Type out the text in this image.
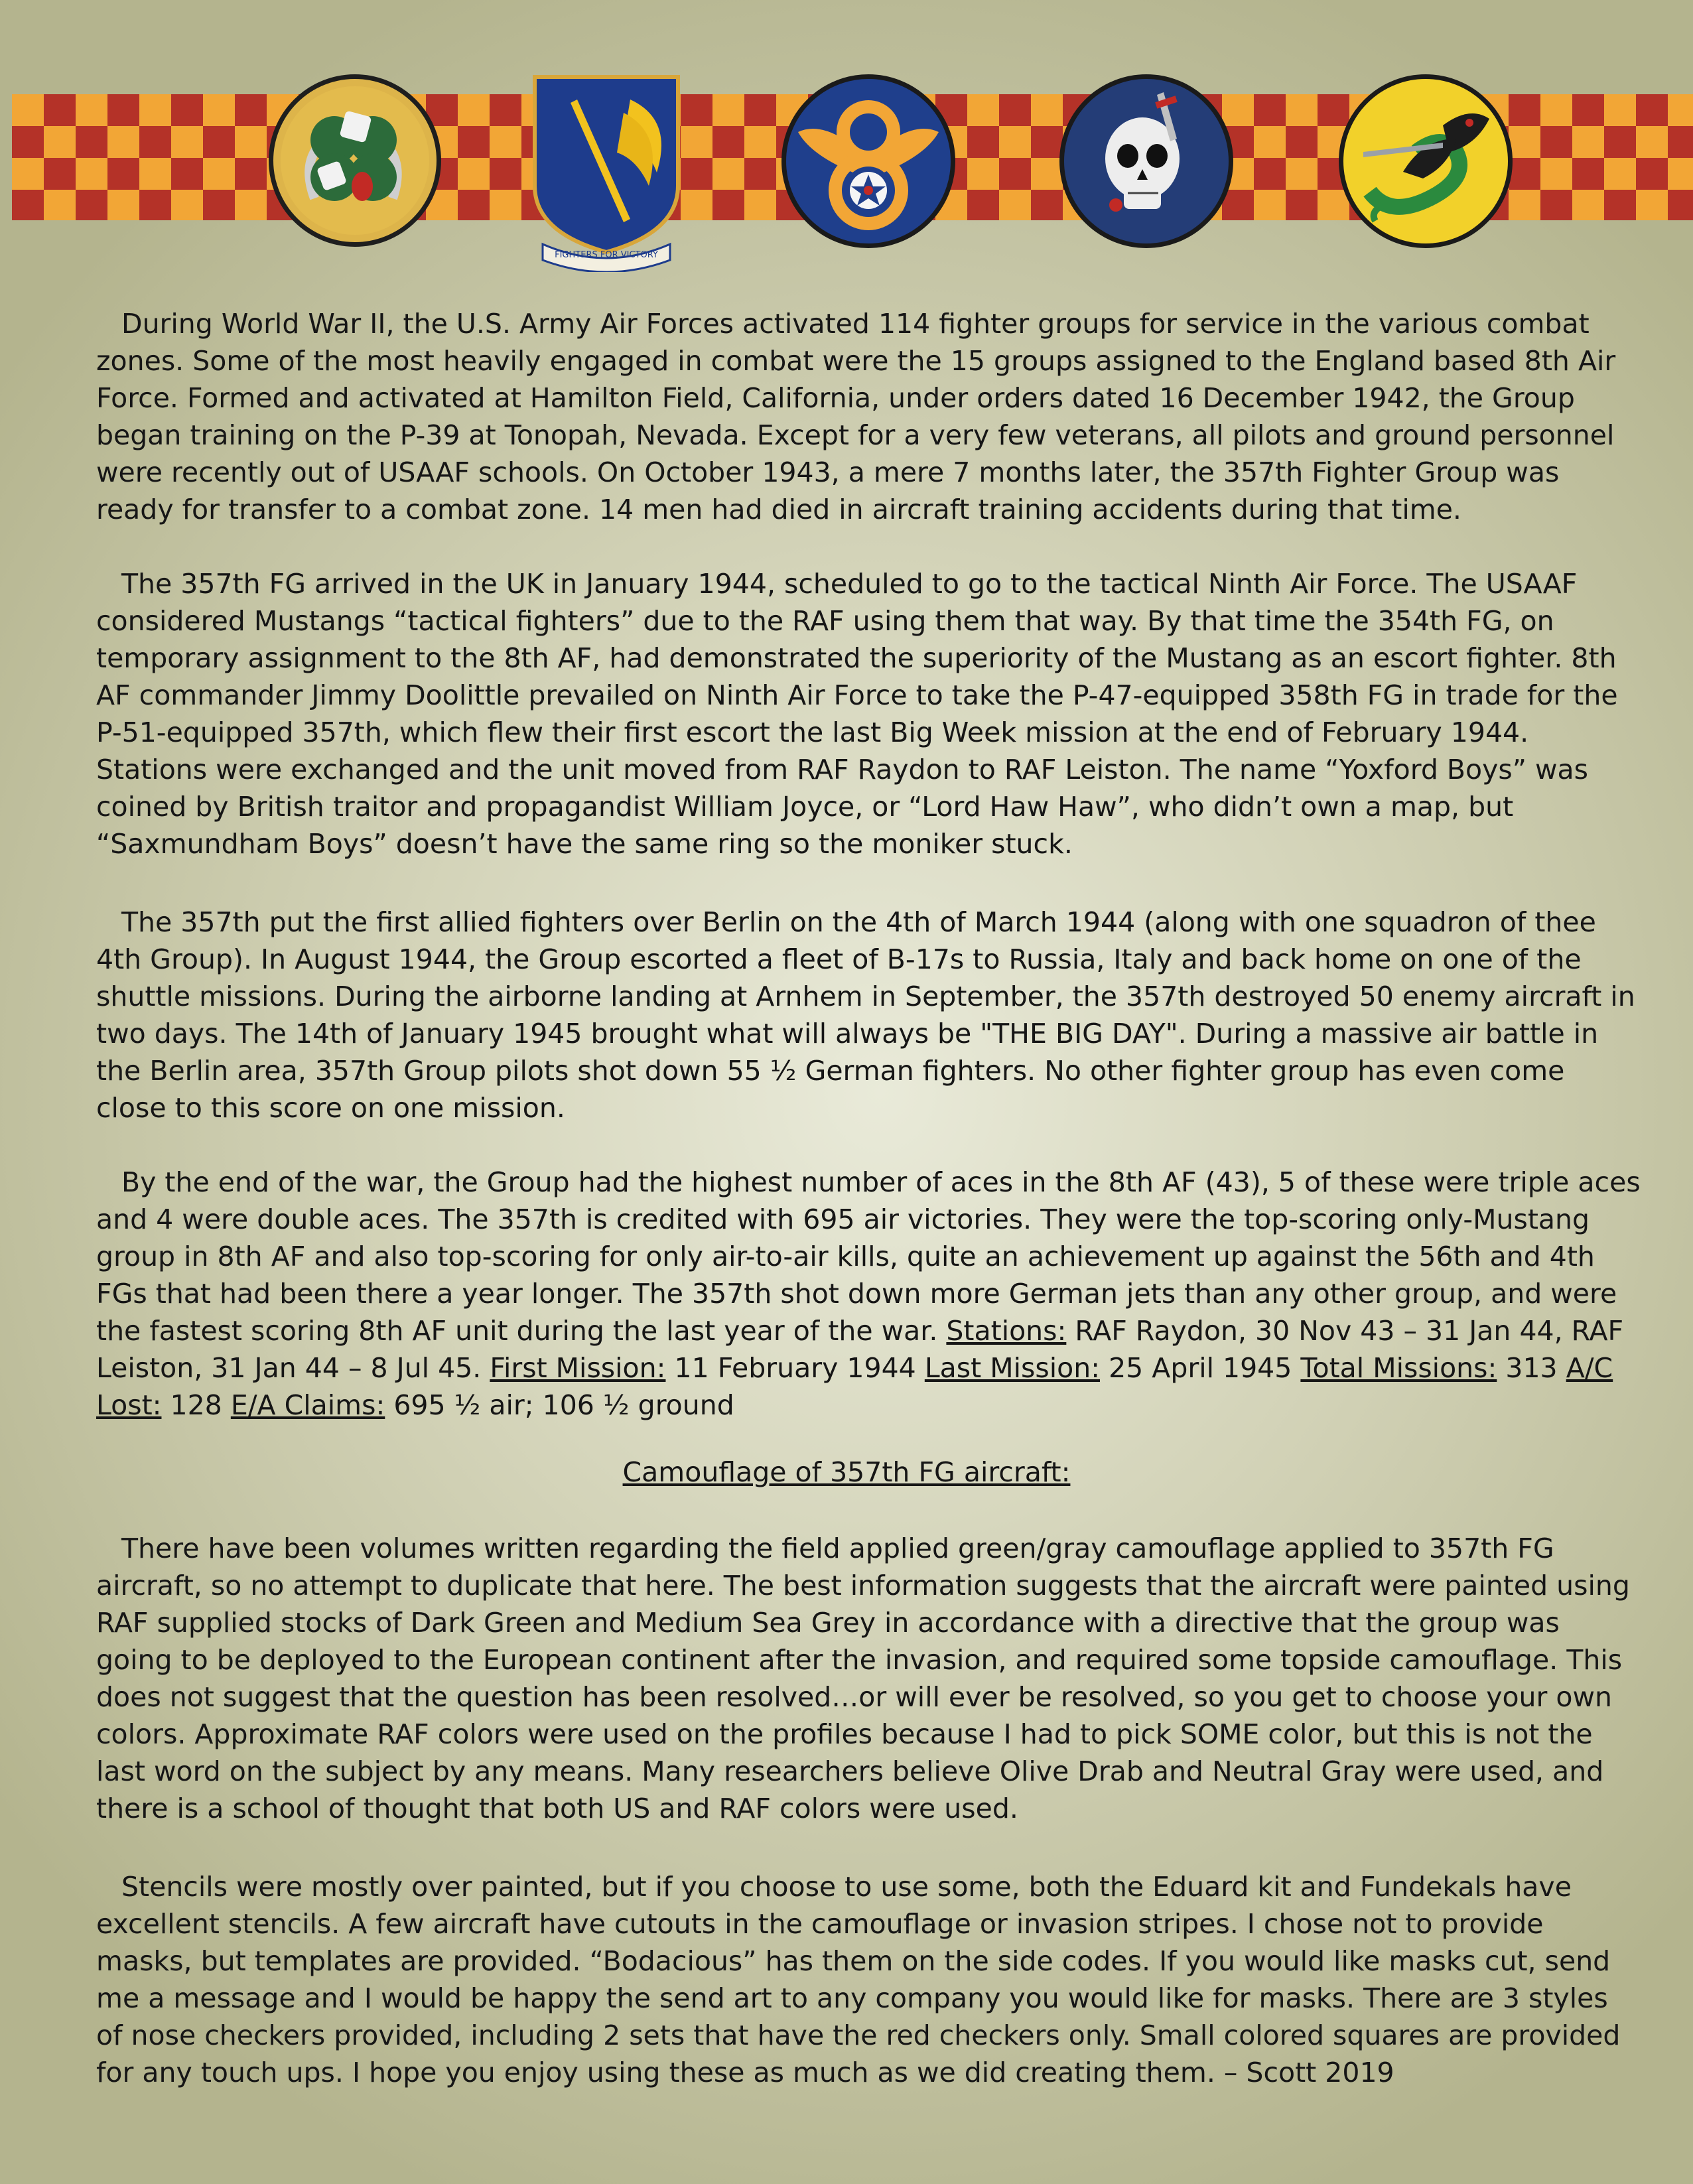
FIGHTERS FOR VICTORY

During World War II, the U.S. Army Air Forces activated 114 fighter groups for service in the various combat zones. Some of the most heavily engaged in combat were the 15 groups assigned to the England based 8th Air Force. Formed and activated at Hamilton Field, California, under orders dated 16 December 1942, the Group began training on the P-39 at Tonopah, Nevada. Except for a very few veterans, all pilots and ground personnel were recently out of USAAF schools. On October 1943, a mere 7 months later, the 357th Fighter Group was ready for transfer to a combat zone. 14 men had died in aircraft training accidents during that time.

The 357th FG arrived in the UK in January 1944, scheduled to go to the tactical Ninth Air Force. The USAAF considered Mustangs “tactical fighters” due to the RAF using them that way. By that time the 354th FG, on temporary assignment to the 8th AF, had demonstrated the superiority of the Mustang as an escort fighter. 8th AF commander Jimmy Doolittle prevailed on Ninth Air Force to take the P-47-equipped 358th FG in trade for the P-51-equipped 357th, which flew their first escort the last Big Week mission at the end of February 1944. Stations were exchanged and the unit moved from RAF Raydon to RAF Leiston. The name “Yoxford Boys” was coined by British traitor and propagandist William Joyce, or “Lord Haw Haw”, who didn’t own a map, but “Saxmundham Boys” doesn’t have the same ring so the moniker stuck.

The 357th put the first allied fighters over Berlin on the 4th of March 1944 (along with one squadron of thee 4th Group). In August 1944, the Group escorted a fleet of B-17s to Russia, Italy and back home on one of the shuttle missions. During the airborne landing at Arnhem in September, the 357th destroyed 50 enemy aircraft in two days. The 14th of January 1945 brought what will always be "THE BIG DAY". During a massive air battle in the Berlin area, 357th Group pilots shot down 55 ½ German fighters. No other fighter group has even come close to this score on one mission.

By the end of the war, the Group had the highest number of aces in the 8th AF (43), 5 of these were triple aces and 4 were double aces. The 357th is credited with 695 air victories. They were the top-scoring only-Mustang group in 8th AF and also top-scoring for only air-to-air kills, quite an achievement up against the 56th and 4th FGs that had been there a year longer. The 357th shot down more German jets than any other group, and were the fastest scoring 8th AF unit during the last year of the war. Stations: RAF Raydon, 30 Nov 43 – 31 Jan 44, RAF Leiston, 31 Jan 44 – 8 Jul 45. First Mission: 11 February 1944 Last Mission: 25 April 1945 Total Missions: 313 A/C Lost: 128 E/A Claims: 695 ½ air; 106 ½ ground

Camouflage of 357th FG aircraft:

There have been volumes written regarding the field applied green/gray camouflage applied to 357th FG aircraft, so no attempt to duplicate that here. The best information suggests that the aircraft were painted using RAF supplied stocks of Dark Green and Medium Sea Grey in accordance with a directive that the group was going to be deployed to the European continent after the invasion, and required some topside camouflage. This does not suggest that the question has been resolved…or will ever be resolved, so you get to choose your own colors. Approximate RAF colors were used on the profiles because I had to pick SOME color, but this is not the last word on the subject by any means. Many researchers believe Olive Drab and Neutral Gray were used, and there is a school of thought that both US and RAF colors were used.

Stencils were mostly over painted, but if you choose to use some, both the Eduard kit and Fundekals have excellent stencils. A few aircraft have cutouts in the camouflage or invasion stripes. I chose not to provide masks, but templates are provided. “Bodacious” has them on the side codes. If you would like masks cut, send me a message and I would be happy the send art to any company you would like for masks. There are 3 styles of nose checkers provided, including 2 sets that have the red checkers only. Small colored squares are provided for any touch ups. I hope you enjoy using these as much as we did creating them. – Scott 2019
